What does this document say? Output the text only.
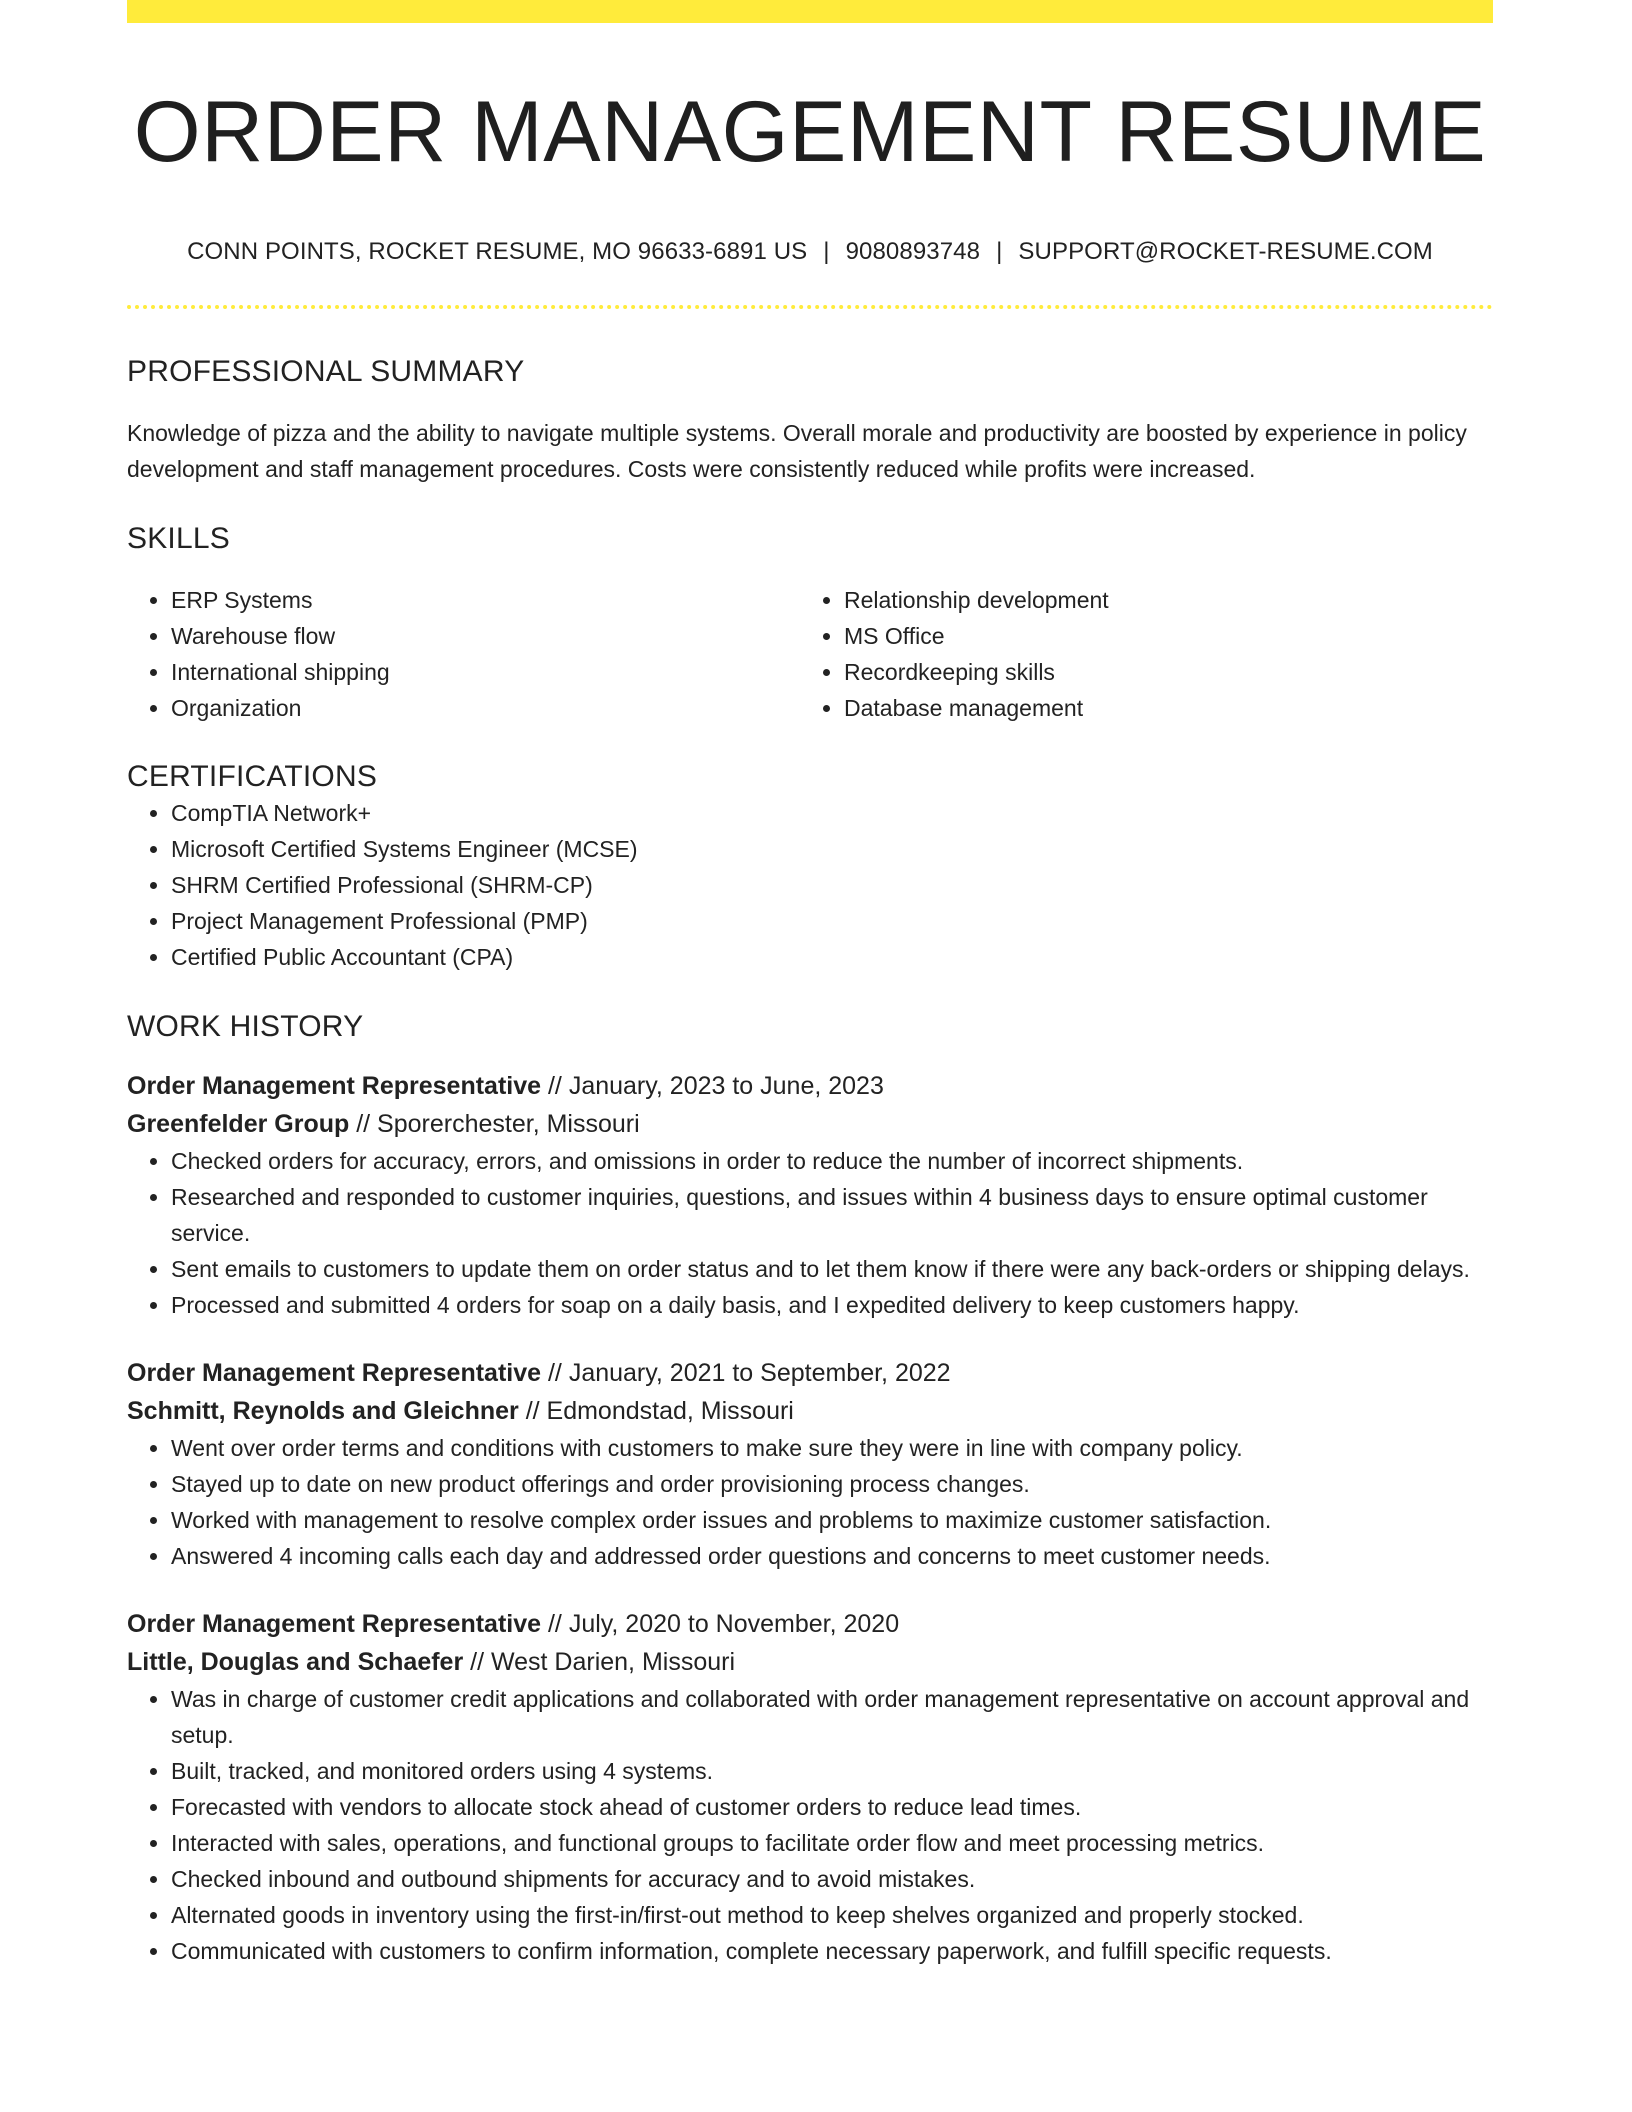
ORDER MANAGEMENT RESUME
CONN POINTS, ROCKET RESUME, MO 96633-6891 US | 9080893748 | SUPPORT@ROCKET-RESUME.COM
PROFESSIONAL SUMMARY
Knowledge of pizza and the ability to navigate multiple systems. Overall morale and productivity are boosted by experience in policy development and staff management procedures. Costs were consistently reduced while profits were increased.
SKILLS
• ERP Systems
• Warehouse flow
• International shipping
• Organization
• Relationship development
• MS Office
• Recordkeeping skills
• Database management
CERTIFICATIONS
• CompTIA Network+
• Microsoft Certified Systems Engineer (MCSE)
• SHRM Certified Professional (SHRM-CP)
• Project Management Professional (PMP)
• Certified Public Accountant (CPA)
WORK HISTORY
Order Management Representative // January, 2023 to June, 2023
Greenfelder Group // Sporerchester, Missouri
• Checked orders for accuracy, errors, and omissions in order to reduce the number of incorrect shipments.
• Researched and responded to customer inquiries, questions, and issues within 4 business days to ensure optimal customer service.
• Sent emails to customers to update them on order status and to let them know if there were any back-orders or shipping delays.
• Processed and submitted 4 orders for soap on a daily basis, and I expedited delivery to keep customers happy.
Order Management Representative // January, 2021 to September, 2022
Schmitt, Reynolds and Gleichner // Edmondstad, Missouri
• Went over order terms and conditions with customers to make sure they were in line with company policy.
• Stayed up to date on new product offerings and order provisioning process changes.
• Worked with management to resolve complex order issues and problems to maximize customer satisfaction.
• Answered 4 incoming calls each day and addressed order questions and concerns to meet customer needs.
Order Management Representative // July, 2020 to November, 2020
Little, Douglas and Schaefer // West Darien, Missouri
• Was in charge of customer credit applications and collaborated with order management representative on account approval and setup.
• Built, tracked, and monitored orders using 4 systems.
• Forecasted with vendors to allocate stock ahead of customer orders to reduce lead times.
• Interacted with sales, operations, and functional groups to facilitate order flow and meet processing metrics.
• Checked inbound and outbound shipments for accuracy and to avoid mistakes.
• Alternated goods in inventory using the first-in/first-out method to keep shelves organized and properly stocked.
• Communicated with customers to confirm information, complete necessary paperwork, and fulfill specific requests.
